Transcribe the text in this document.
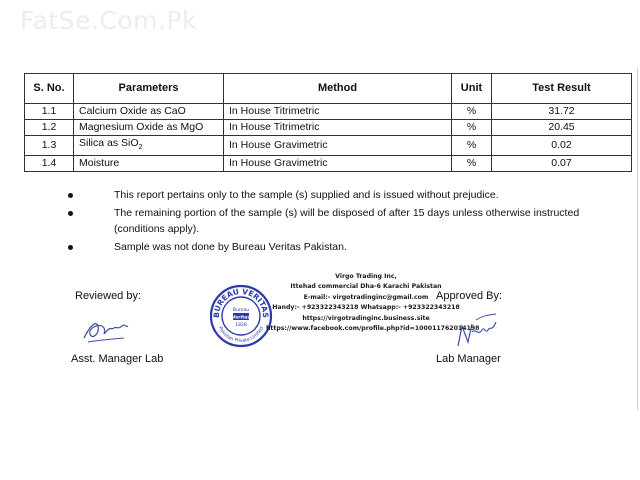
FatSe.Com.Pk
S. No.	Parameters	Method	Unit	Test Result
1.1	Calcium Oxide as CaO	In House Titrimetric	%	31.72
1.2	Magnesium Oxide as MgO	In House Titrimetric	%	20.45
1.3	Silica as SiO$_2$	In House Gravimetric	%	0.02
1.4	Moisture	In House Gravimetric	%	0.07
This report pertains only to the sample (s) supplied and is issued without prejudice.
The remaining portion of the sample (s) will be disposed of after 15 days unless otherwise instructed (conditions apply).
Sample was not done by Bureau Veritas Pakistan.
Reviewed by:	Approved By:
Asst. Manager Lab	Lab Manager
BUREAU VERITAS
Pakistan Private Limited
Bureau
Veritas
1828
Virgo Trading Inc,
Ittehad commercial Dha-6 Karachi Pakistan
E-mail:- virgotradinginc@gmail.com
Handy:- +923322343218 Whatsapp:- +923322343218
https://virgotradinginc.business.site
https://www.facebook.com/profile.php?id=100011762014198
